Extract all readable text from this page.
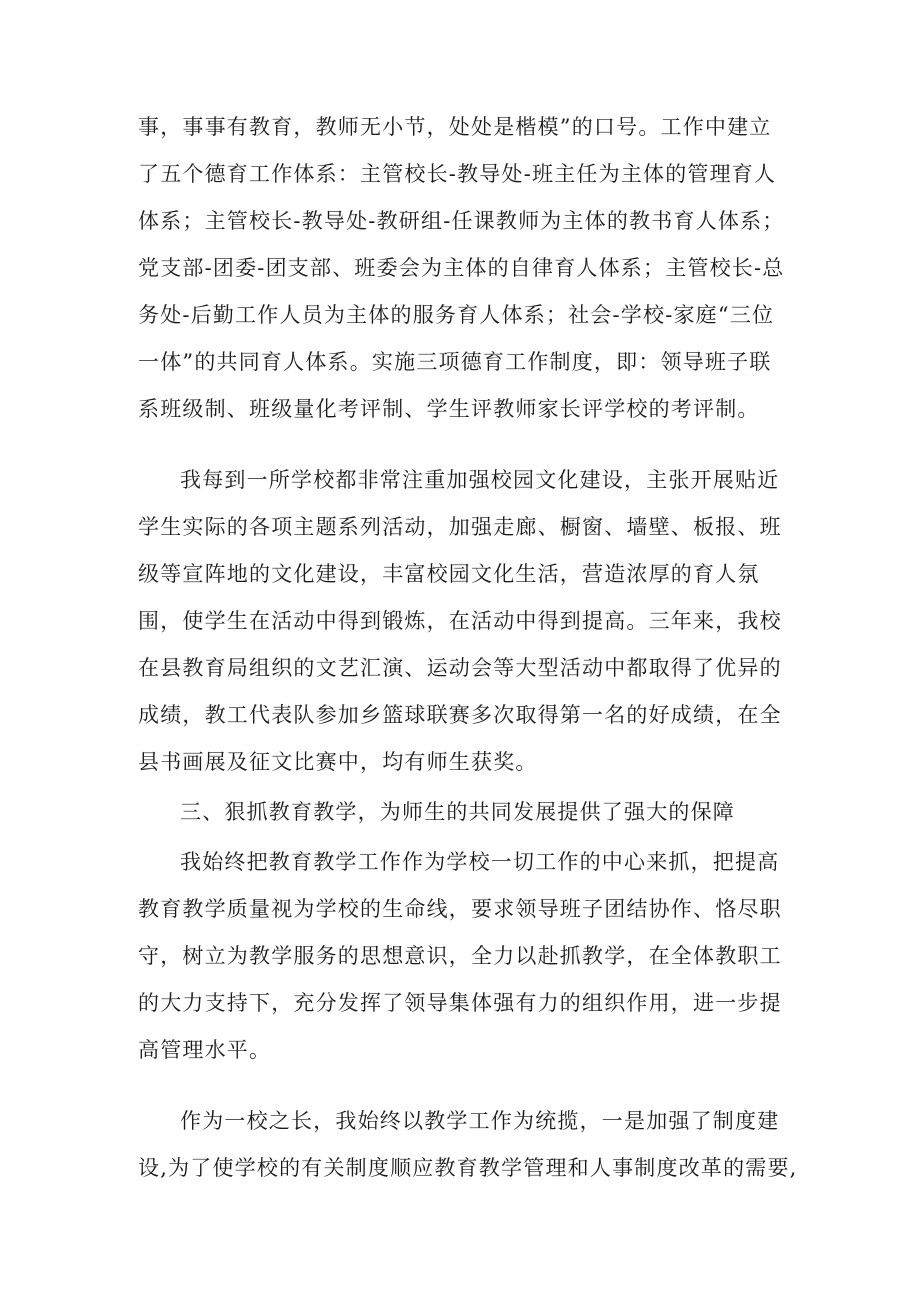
事，事事有教育，教师无小节，处处是楷模”的口号。工作中建立
了五个德育工作体系：主管校长-教导处-班主任为主体的管理育人
体系；主管校长-教导处-教研组-任课教师为主体的教书育人体系；
党支部-团委-团支部、班委会为主体的自律育人体系；主管校长-总
务处-后勤工作人员为主体的服务育人体系；社会-学校-家庭“三位
一体”的共同育人体系。实施三项德育工作制度，即：领导班子联
系班级制、班级量化考评制、学生评教师家长评学校的考评制。
我每到一所学校都非常注重加强校园文化建设，主张开展贴近
学生实际的各项主题系列活动，加强走廊、橱窗、墙壁、板报、班
级等宣阵地的文化建设，丰富校园文化生活，营造浓厚的育人氛
围，使学生在活动中得到锻炼，在活动中得到提高。三年来，我校
在县教育局组织的文艺汇演、运动会等大型活动中都取得了优异的
成绩，教工代表队参加乡篮球联赛多次取得第一名的好成绩，在全
县书画展及征文比赛中，均有师生获奖。
三、狠抓教育教学，为师生的共同发展提供了强大的保障
我始终把教育教学工作作为学校一切工作的中心来抓，把提高
教育教学质量视为学校的生命线，要求领导班子团结协作、恪尽职
守，树立为教学服务的思想意识，全力以赴抓教学，在全体教职工
的大力支持下，充分发挥了领导集体强有力的组织作用，进一步提
高管理水平。
作为一校之长，我始终以教学工作为统揽，一是加强了制度建
设,为了使学校的有关制度顺应教育教学管理和人事制度改革的需要,
